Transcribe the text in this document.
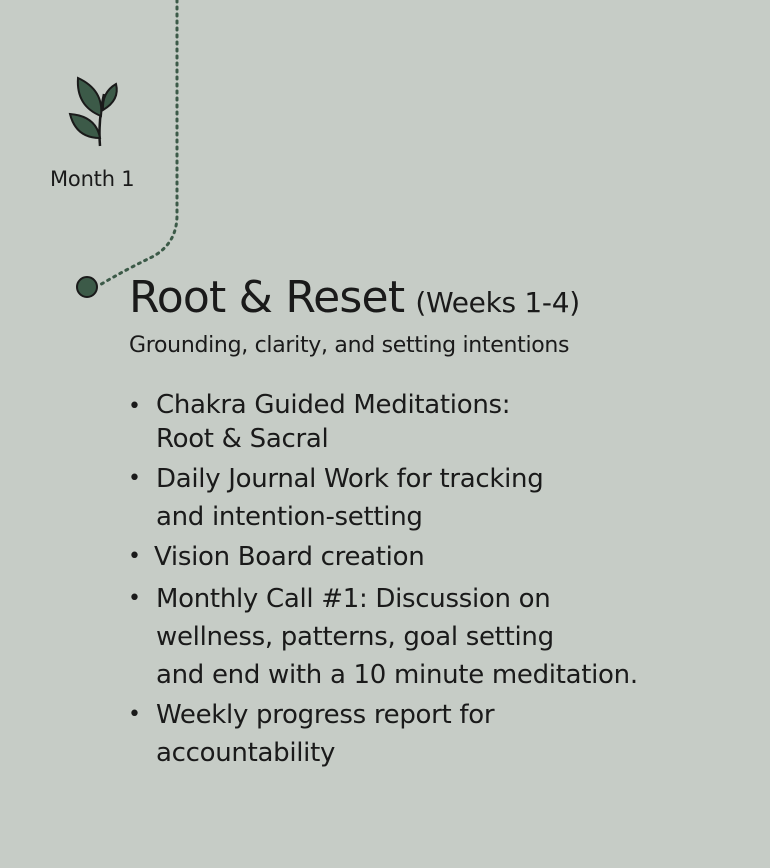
Month 1
Root & Reset (Weeks 1-4)
Grounding, clarity, and setting intentions
• Chakra Guided Meditations:
Root & Sacral
• Daily Journal Work for tracking
and intention-setting
• Vision Board creation
• Monthly Call #1: Discussion on
wellness, patterns, goal setting
and end with a 10 minute meditation.
• Weekly progress report for
accountability
